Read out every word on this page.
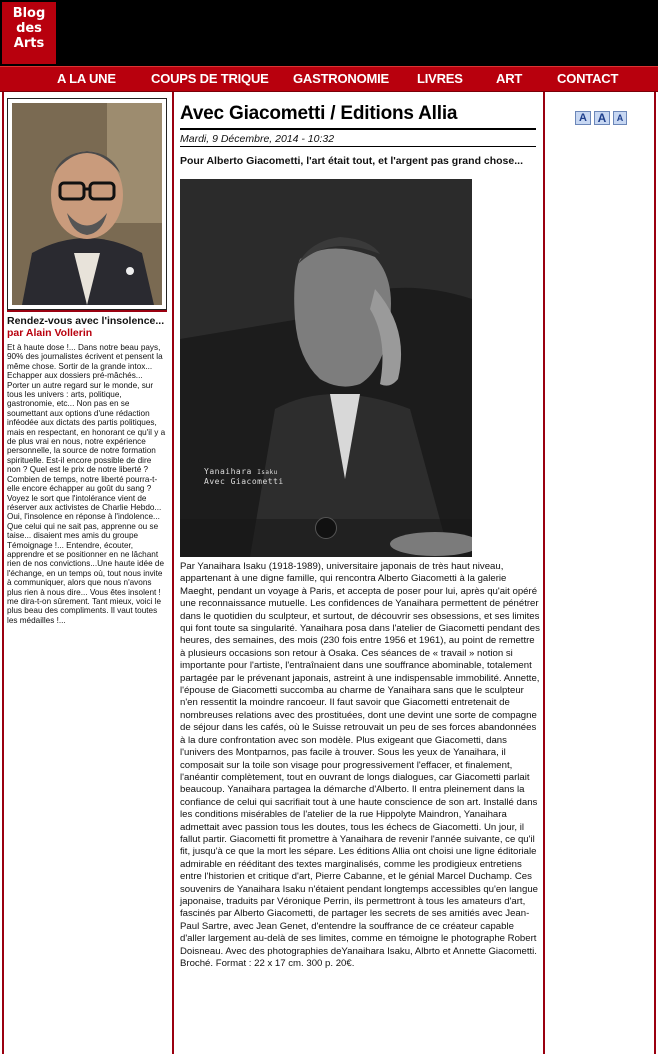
Blog
des
Arts
A LA UNE	COUPS DE TRIQUE GASTRONOMIE LIVRES	ART	CONTACT
Rendez-vous avec l'insolence...
par Alain Vollerin
Et à haute dose !... Dans notre beau pays, 90% des journalistes écrivent et pensent la même chose. Sortir de la grande intox... Echapper aux dossiers pré-mâchés... Porter un autre regard sur le monde, sur tous les univers : arts, politique, gastronomie, etc... Non pas en se soumettant aux options d'une rédaction inféodée aux dictats des partis politiques, mais en respectant, en honorant ce qu'il y a de plus vrai en nous, notre expérience personnelle, la source de notre formation spirituelle. Est-il encore possible de dire non ? Quel est le prix de notre liberté ? Combien de temps, notre liberté pourra-t-elle encore échapper au goût du sang ? Voyez le sort que l'intolérance vient de réserver aux activistes de Charlie Hebdo... Oui, l'insolence en réponse à l'indolence... Que celui qui ne sait pas, apprenne ou se taise... disaient mes amis du groupe Témoignage !... Entendre, écouter, apprendre et se positionner en ne lâchant rien de nos convictions...Une haute idée de l'échange, en un temps où, tout nous invite à communiquer, alors que nous n'avons plus rien à nous dire... Vous êtes insolent ! me dira-t-on sûrement. Tant mieux, voici le plus beau des compliments. Il vaut toutes les médailles !...
Avec Giacometti / Editions Allia
Mardi, 9 Décembre, 2014 - 10:32
Pour Alberto Giacometti, l'art était tout, et l'argent pas grand chose...
Yanaihara Isaku
Avec Giacometti
Par Yanaihara Isaku (1918-1989), universitaire japonais de très haut niveau, appartenant à une digne famille, qui rencontra Alberto Giacometti à la galerie Maeght, pendant un voyage à Paris, et accepta de poser pour lui, après qu'ait opéré une reconnaissance mutuelle. Les confidences de Yanaihara permettent de pénétrer dans le quotidien du sculpteur, et surtout, de découvrir ses obsessions, et ses limites qui font toute sa singularité. Yanaihara posa dans l'atelier de Giacometti pendant des heures, des semaines, des mois (230 fois entre 1956 et 1961), au point de remettre à plusieurs occasions son retour à Osaka. Ces séances de « travail » notion si importante pour l'artiste, l'entraînaient dans une souffrance abominable, totalement partagée par le prévenant japonais, astreint à une indispensable immobilité. Annette, l'épouse de Giacometti succomba au charme de Yanaihara sans que le sculpteur n'en ressentit la moindre rancoeur. Il faut savoir que Giacometti entretenait de nombreuses relations avec des prostituées, dont une devint une sorte de compagne de séjour dans les cafés, où le Suisse retrouvait un peu de ses forces abandonnées à la dure confrontation avec son modèle. Plus exigeant que Giacometti, dans l'univers des Montparnos, pas facile à trouver. Sous les yeux de Yanaihara, il composait sur la toile son visage pour progressivement l'effacer, et finalement, l'anéantir complètement, tout en ouvrant de longs dialogues, car Giacometti parlait beaucoup. Yanaihara partagea la démarche d'Alberto. Il entra pleinement dans la confiance de celui qui sacrifiait tout à une haute conscience de son art. Installé dans les conditions misérables de l'atelier de la rue Hippolyte Maindron, Yanaihara admettait avec passion tous les doutes, tous les échecs de Giacometti. Un jour, il fallut partir. Giacometti fit promettre à Yanaihara de revenir l'année suivante, ce qu'il fit, jusqu'à ce que la mort les sépare. Les éditions Allia ont choisi une ligne éditoriale admirable en rééditant des textes marginalisés, comme les prodigieux entretiens entre l'historien et critique d'art, Pierre Cabanne, et le génial Marcel Duchamp. Ces souvenirs de Yanaihara Isaku n'étaient pendant longtemps accessibles qu'en langue japonaise, traduits par Véronique Perrin, ils permettront à tous les amateurs d'art, fascinés par Alberto Giacometti, de partager les secrets de ses amitiés avec Jean-Paul Sartre, avec Jean Genet, d'entendre la souffrance de ce créateur capable d'aller largement au-delà de ses limites, comme en témoigne le photographe Robert Doisneau. Avec des photographies deYanaihara Isaku, Albrto et Annette Giacometti. Broché. Format : 22 x 17 cm. 300 p. 20€.
A A	A
